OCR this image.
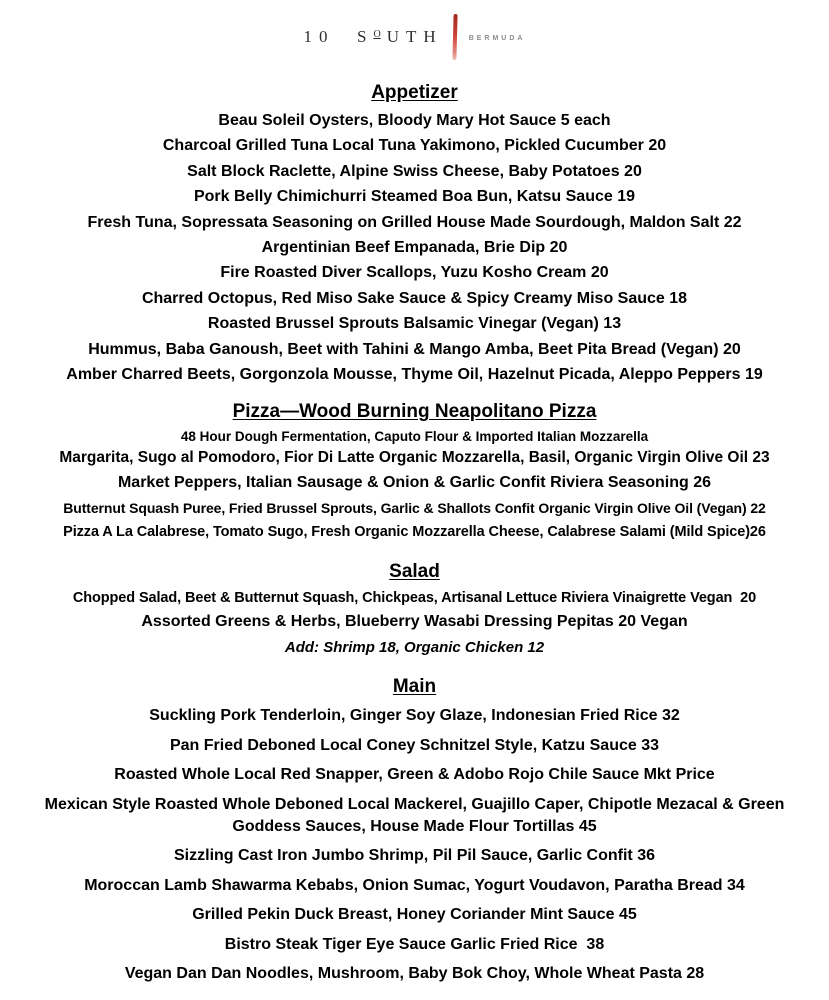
10 $S^O$ UTH	BERMUDA
Appetizer

Beau Soleil Oysters, Bloody Mary Hot Sauce 5 each

Charcoal Grilled Tuna Local Tuna Yakimono, Pickled Cucumber 20

Salt Block Raclette, Alpine Swiss Cheese, Baby Potatoes 20

Pork Belly Chimichurri Steamed Boa Bun, Katsu Sauce 19

Fresh Tuna, Sopressata Seasoning on Grilled House Made Sourdough, Maldon Salt 22

Argentinian Beef Empanada, Brie Dip 20

Fire Roasted Diver Scallops, Yuzu Kosho Cream 20

Charred Octopus, Red Miso Sake Sauce & Spicy Creamy Miso Sauce 18

Roasted Brussel Sprouts Balsamic Vinegar (Vegan) 13

Hummus, Baba Ganoush, Beet with Tahini & Mango Amba, Beet Pita Bread (Vegan) 20

Amber Charred Beets, Gorgonzola Mousse, Thyme Oil, Hazelnut Picada, Aleppo Peppers 19

Pizza—Wood Burning Neapolitano Pizza

48 Hour Dough Fermentation, Caputo Flour & Imported Italian Mozzarella

Margarita, Sugo al Pomodoro, Fior Di Latte Organic Mozzarella, Basil, Organic Virgin Olive Oil 23

Market Peppers, Italian Sausage & Onion & Garlic Confit Riviera Seasoning 26

Butternut Squash Puree, Fried Brussel Sprouts, Garlic & Shallots Confit Organic Virgin Olive Oil (Vegan) 22

Pizza A La Calabrese, Tomato Sugo, Fresh Organic Mozzarella Cheese, Calabrese Salami (Mild Spice)26

Salad

Chopped Salad, Beet & Butternut Squash, Chickpeas, Artisanal Lettuce Riviera Vinaigrette Vegan  20

Assorted Greens & Herbs, Blueberry Wasabi Dressing Pepitas 20 Vegan

Add: Shrimp 18, Organic Chicken 12

Main

Suckling Pork Tenderloin, Ginger Soy Glaze, Indonesian Fried Rice 32

Pan Fried Deboned Local Coney Schnitzel Style, Katzu Sauce 33

Roasted Whole Local Red Snapper, Green & Adobo Rojo Chile Sauce Mkt Price

Mexican Style Roasted Whole Deboned Local Mackerel, Guajillo Caper, Chipotle Mezacal & Green Goddess Sauces, House Made Flour Tortillas 45

Sizzling Cast Iron Jumbo Shrimp, Pil Pil Sauce, Garlic Confit 36

Moroccan Lamb Shawarma Kebabs, Onion Sumac, Yogurt Voudavon, Paratha Bread 34

Grilled Pekin Duck Breast, Honey Coriander Mint Sauce 45

Bistro Steak Tiger Eye Sauce Garlic Fried Rice  38

Vegan Dan Dan Noodles, Mushroom, Baby Bok Choy, Whole Wheat Pasta 28
